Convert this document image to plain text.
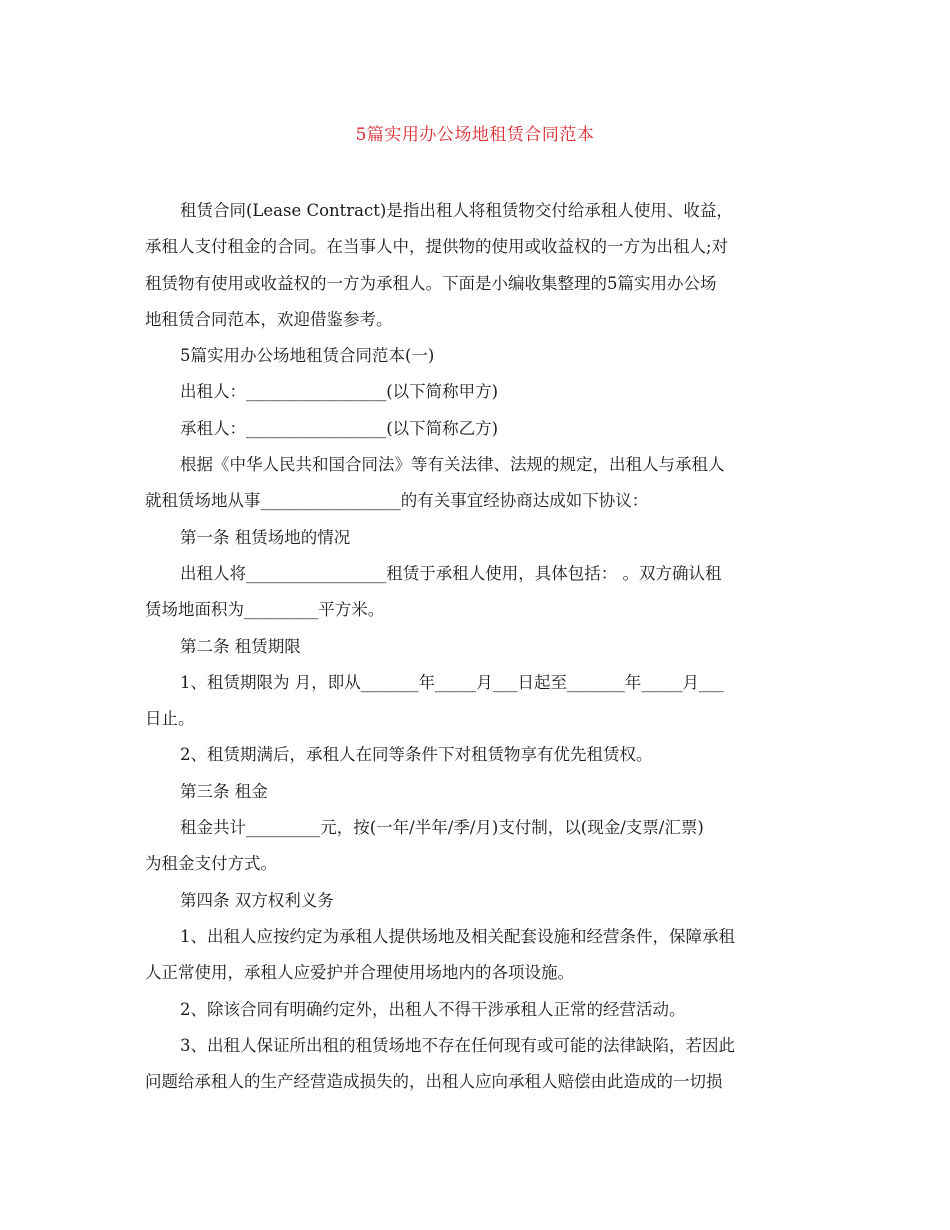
5篇实用办公场地租赁合同范本
租赁合同(Lease Contract)是指出租人将租赁物交付给承租人使用、收益，
承租人支付租金的合同。在当事人中，提供物的使用或收益权的一方为出租人;对
租赁物有使用或收益权的一方为承租人。下面是小编收集整理的5篇实用办公场
地租赁合同范本，欢迎借鉴参考。
5篇实用办公场地租赁合同范本(一)
出租人：_________________(以下简称甲方)
承租人：_________________(以下简称乙方)
根据《中华人民共和国合同法》等有关法律、法规的规定，出租人与承租人
就租赁场地从事_________________的有关事宜经协商达成如下协议：
第一条 租赁场地的情况
出租人将_________________租赁于承租人使用，具体包括： 。双方确认租
赁场地面积为_________平方米。
第二条 租赁期限
1、租赁期限为 月，即从_______年_____月___日起至_______年_____月___
日止。
2、租赁期满后，承租人在同等条件下对租赁物享有优先租赁权。
第三条 租金
租金共计_________元，按(一年/半年/季/月)支付制，以(现金/支票/汇票)
为租金支付方式。
第四条 双方权利义务
1、出租人应按约定为承租人提供场地及相关配套设施和经营条件，保障承租
人正常使用，承租人应爱护并合理使用场地内的各项设施。
2、除该合同有明确约定外，出租人不得干涉承租人正常的经营活动。
3、出租人保证所出租的租赁场地不存在任何现有或可能的法律缺陷，若因此
问题给承租人的生产经营造成损失的，出租人应向承租人赔偿由此造成的一切损
